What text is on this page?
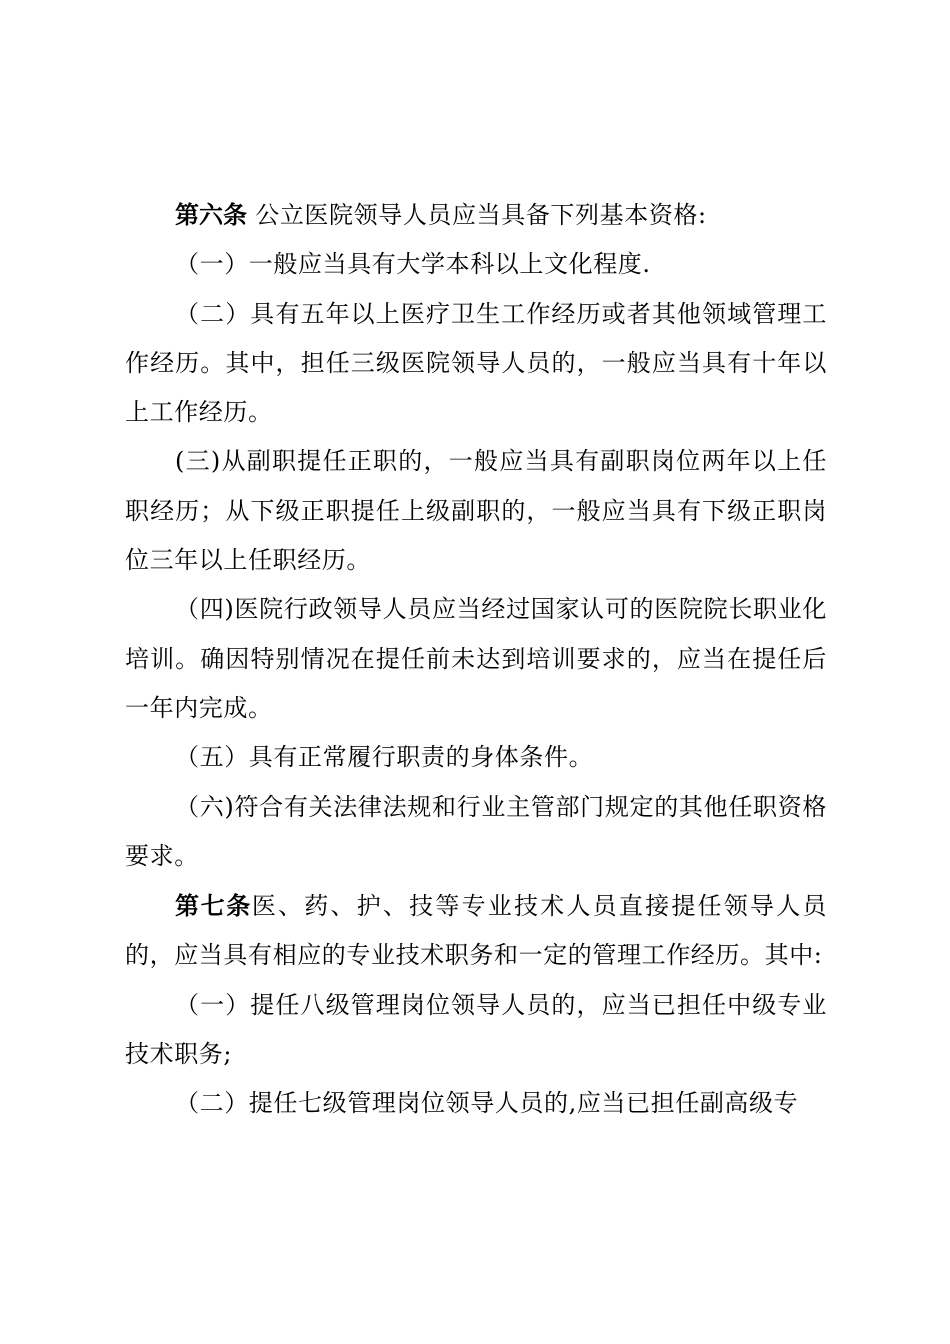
第六条 公立医院领导人员应当具备下列基本资格:

（一）一般应当具有大学本科以上文化程度.

（二）具有五年以上医疗卫生工作经历或者其他领域管理工作经历。其中，担任三级医院领导人员的，一般应当具有十年以上工作经历。

(三)从副职提任正职的，一般应当具有副职岗位两年以上任职经历；从下级正职提任上级副职的，一般应当具有下级正职岗位三年以上任职经历。

（四)医院行政领导人员应当经过国家认可的医院院长职业化培训。确因特别情况在提任前未达到培训要求的，应当在提任后一年内完成。

（五）具有正常履行职责的身体条件。

（六)符合有关法律法规和行业主管部门规定的其他任职资格要求。

第七条医、药、护、技等专业技术人员直接提任领导人员的，应当具有相应的专业技术职务和一定的管理工作经历。其中:

（一）提任八级管理岗位领导人员的，应当已担任中级专业技术职务;

（二）提任七级管理岗位领导人员的,应当已担任副高级专
